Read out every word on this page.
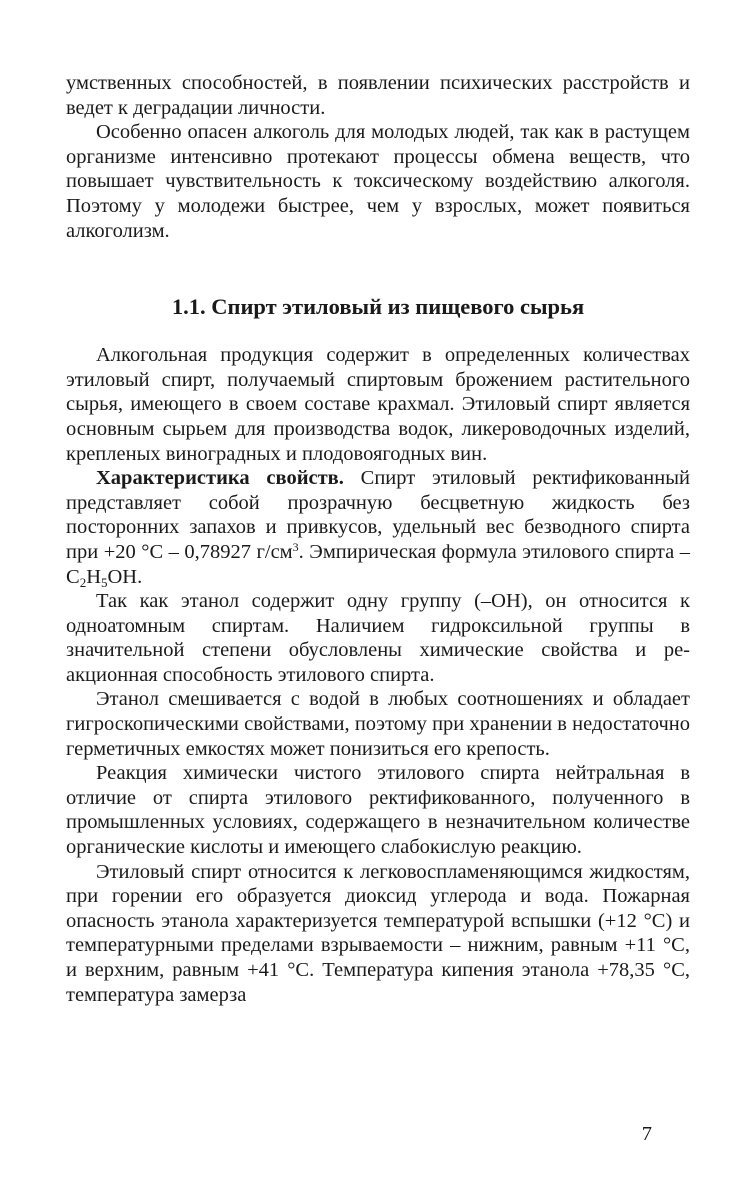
умственных способностей, в появлении психических расстройств и ведет к деградации личности.

Особенно опасен алкоголь для молодых людей, так как в растущем организме интенсивно протекают процессы обмена веществ, что повышает чувствительность к токсическому воздействию алкоголя. Поэтому у молодежи быстрее, чем у взрослых, может появиться алкоголизм.

1.1. Спирт этиловый из пищевого сырья

Алкогольная продукция содержит в определенных количествах этиловый спирт, получаемый спиртовым брожением растительного сырья, имеющего в своем составе крахмал. Этиловый спирт является основным сырьем для производства водок, ликероводочных изделий, крепленых виноградных и плодовоягодных вин.

Характеристика свойств. Спирт этиловый ректификованный представляет собой прозрачную бесцветную жидкость без посторонних запахов и привкусов, удельный вес безводного спирта при +20 °С – 0,78927 $г/см^3$. Эмпирическая формула этилового спирта – $С_2Н_5ОН$.

Так как этанол содержит одну группу (–ОН), он относится к одноатомным спиртам. Наличием гидроксильной группы в значительной степени обусловлены химические свойства и реакционная способность этилового спирта.

Этанол смешивается с водой в любых соотношениях и обладает гигроскопическими свойствами, поэтому при хранении в недостаточно герметичных емкостях может понизиться его крепость.

Реакция химически чистого этилового спирта нейтральная в отличие от спирта этилового ректификованного, полученного в промышленных условиях, содержащего в незначительном количестве органические кислоты и имеющего слабокислую реакцию.

Этиловый спирт относится к легковоспламеняющимся жидкостям, при горении его образуется диоксид углерода и вода. Пожарная опасность этанола характеризуется температурой вспышки (+12 °С) и температурными пределами взрываемости – нижним, равным +11 °С, и верхним, равным +41 °С. Температура кипения этанола +78,35 °С, температура замерза

7
